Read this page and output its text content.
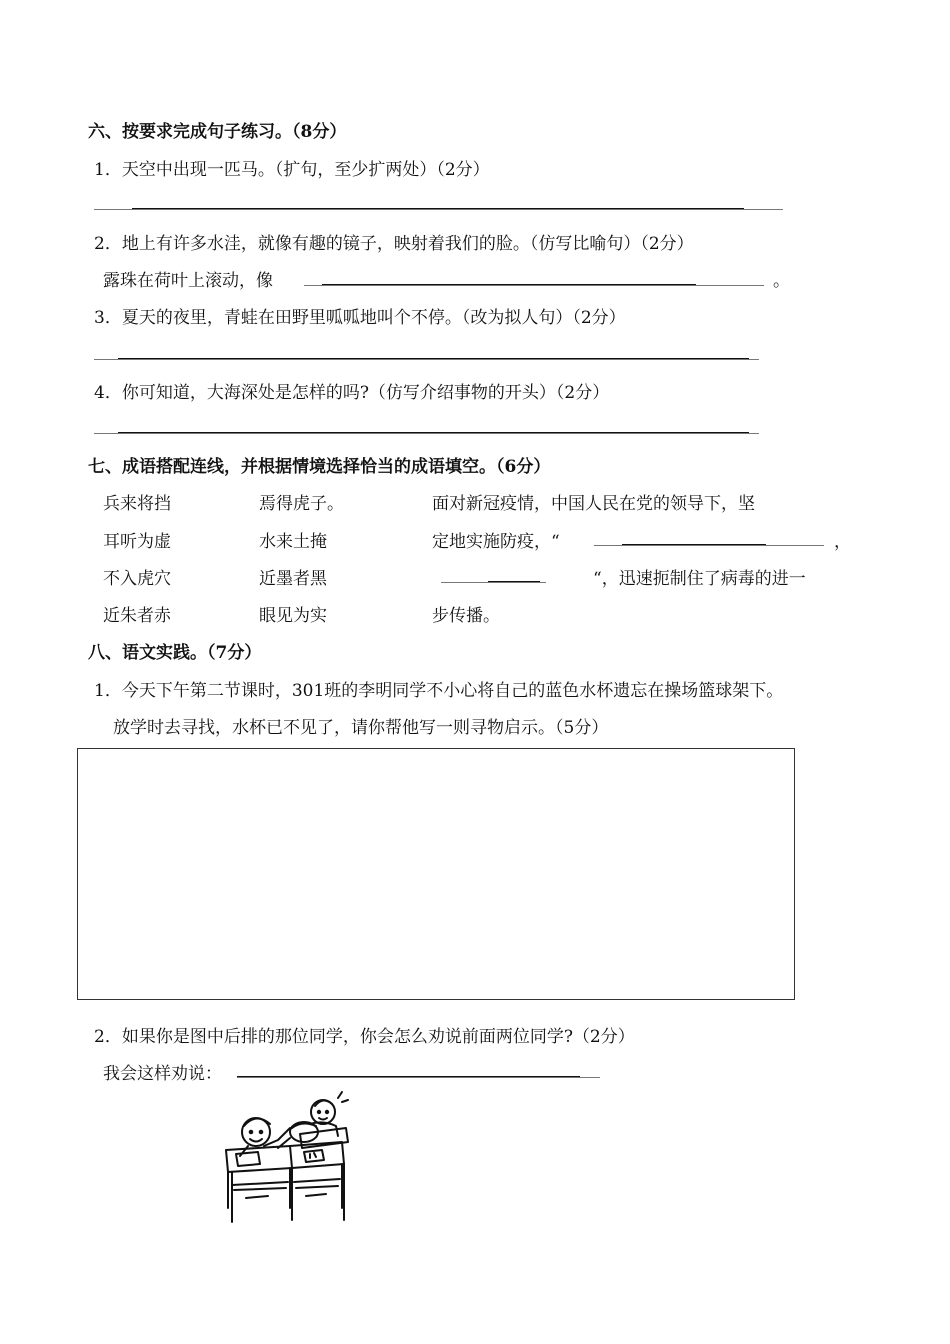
六、按要求完成句子练习。（8分）
1．天空中出现一匹马。（扩句，至少扩两处）（2分）
2．地上有许多水洼，就像有趣的镜子，映射着我们的脸。（仿写比喻句）（2分）
露珠在荷叶上滚动，像	。
3．夏天的夜里，青蛙在田野里呱呱地叫个不停。（改为拟人句）（2分）
4．你可知道，大海深处是怎样的吗?（仿写介绍事物的开头）（2分）
七、成语搭配连线，并根据情境选择恰当的成语填空。（6分）
兵来将挡
耳听为虚
不入虎穴
近朱者赤
焉得虎子。
水来土掩
近墨者黑
眼见为实
面对新冠疫情，中国人民在党的领导下，坚
定地实施防疫，“	，
“，迅速扼制住了病毒的进一
步传播。
八、语文实践。（7分）
1．今天下午第二节课时，301班的李明同学不小心将自己的蓝色水杯遗忘在操场篮球架下。
放学时去寻找，水杯已不见了，请你帮他写一则寻物启示。（5分）
2．如果你是图中后排的那位同学，你会怎么劝说前面两位同学?（2分）
我会这样劝说：
